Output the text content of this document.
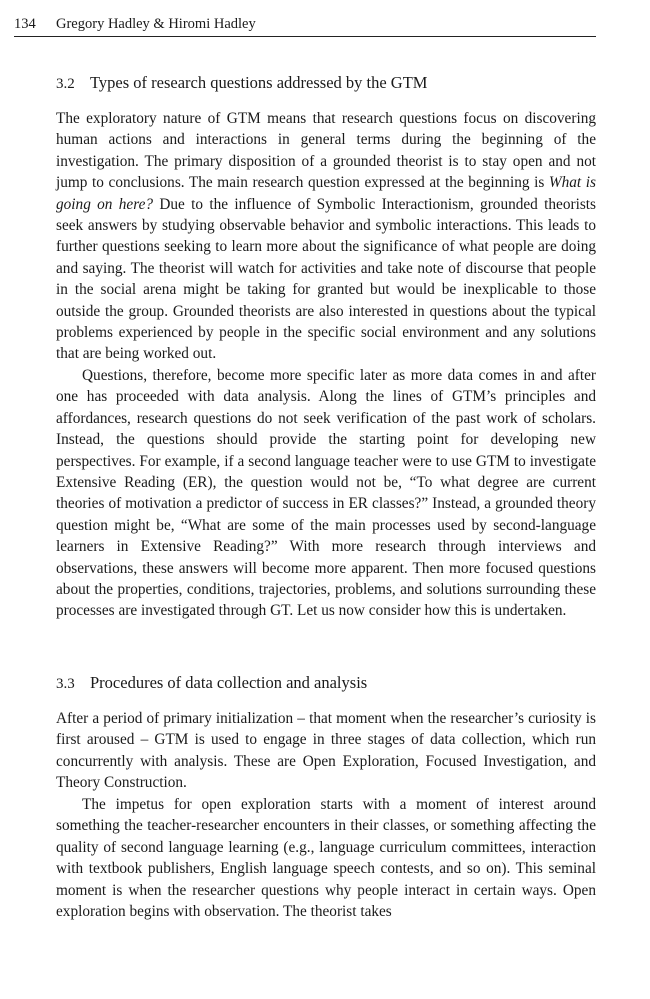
134 Gregory Hadley & Hiromi Hadley
3.2 Types of research questions addressed by the GTM

The exploratory nature of GTM means that research questions focus on discovering human actions and interactions in general terms during the beginning of the investigation. The primary disposition of a grounded theorist is to stay open and not jump to conclusions. The main research question expressed at the beginning is What is going on here? Due to the influence of Symbolic Interactionism, grounded theorists seek answers by studying observable behavior and symbolic interactions. This leads to further questions seeking to learn more about the significance of what people are doing and saying. The theorist will watch for activities and take note of discourse that people in the social arena might be taking for granted but would be inexplicable to those outside the group. Grounded theorists are also interested in questions about the typical problems experienced by people in the specific social environment and any solutions that are being worked out.

Questions, therefore, become more specific later as more data comes in and after one has proceeded with data analysis. Along the lines of GTM’s principles and affordances, research questions do not seek verification of the past work of scholars. Instead, the questions should provide the starting point for developing new perspectives. For example, if a second language teacher were to use GTM to investigate Extensive Reading (ER), the question would not be, “To what degree are current theories of motivation a predictor of success in ER classes?” Instead, a grounded theory question might be, “What are some of the main processes used by second-language learners in Extensive Reading?” With more research through interviews and observations, these answers will become more apparent. Then more focused questions about the properties, conditions, trajectories, problems, and solutions surrounding these processes are investigated through GT. Let us now consider how this is undertaken.

3.3 Procedures of data collection and analysis

After a period of primary initialization – that moment when the researcher’s curiosity is first aroused – GTM is used to engage in three stages of data collection, which run concurrently with analysis. These are Open Exploration, Focused Investigation, and Theory Construction.

The impetus for open exploration starts with a moment of interest around something the teacher-researcher encounters in their classes, or something affecting the quality of second language learning (e.g., language curriculum committees, interaction with textbook publishers, English language speech contests, and so on). This seminal moment is when the researcher questions why people interact in certain ways. Open exploration begins with observation. The theorist takes
